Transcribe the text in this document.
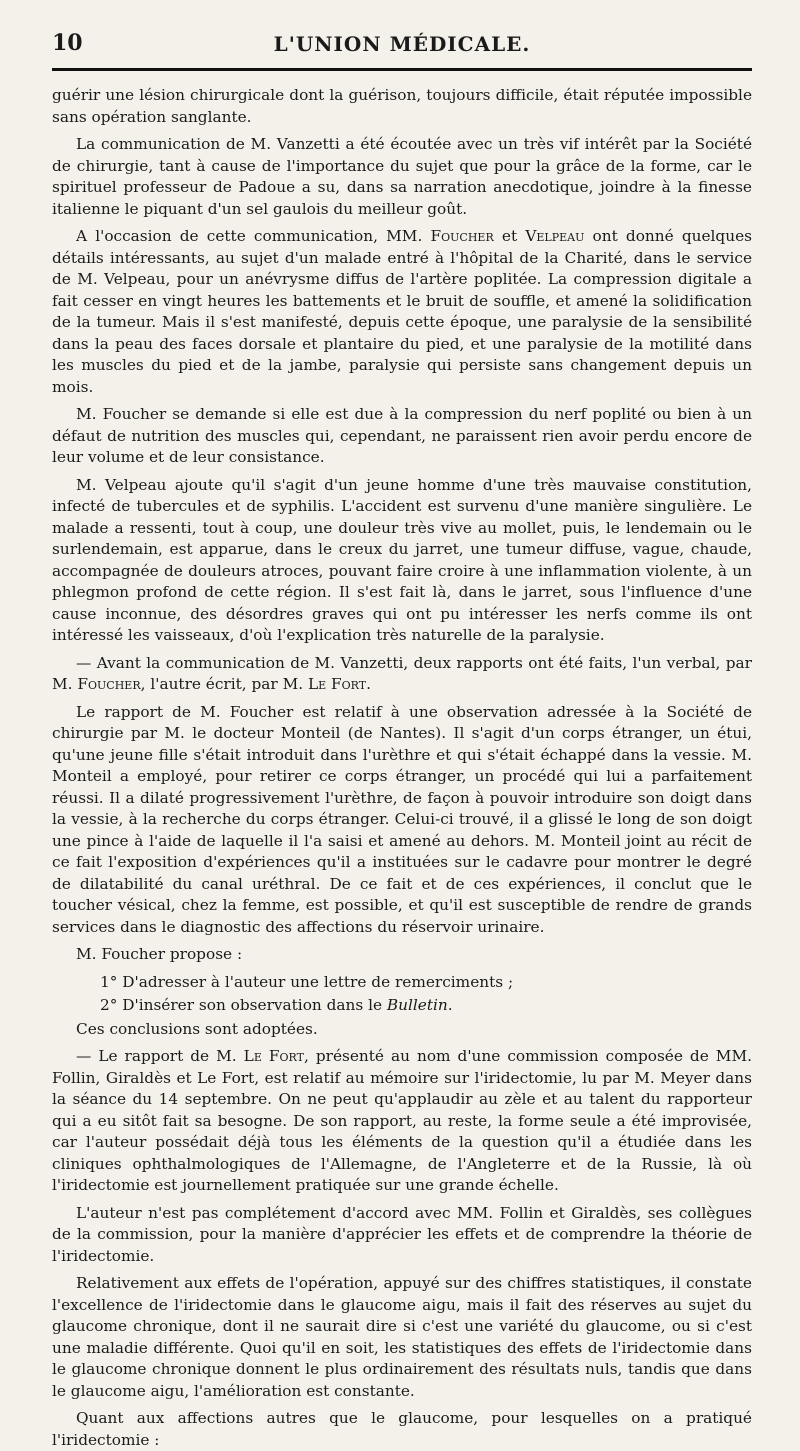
10	L'UNION MÉDICALE.

guérir une lésion chirurgicale dont la guérison, toujours difficile, était réputée impossible sans opération sanglante.

La communication de M. Vanzetti a été écoutée avec un très vif intérêt par la Société de chirurgie, tant à cause de l'importance du sujet que pour la grâce de la forme, car le spirituel professeur de Padoue a su, dans sa narration anecdotique, joindre à la finesse italienne le piquant d'un sel gaulois du meilleur goût.

A l'occasion de cette communication, MM. Foucher et Velpeau ont donné quelques détails intéressants, au sujet d'un malade entré à l'hôpital de la Charité, dans le service de M. Velpeau, pour un anévrysme diffus de l'artère poplitée. La compression digitale a fait cesser en vingt heures les battements et le bruit de souffle, et amené la solidification de la tumeur. Mais il s'est manifesté, depuis cette époque, une paralysie de la sensibilité dans la peau des faces dorsale et plantaire du pied, et une paralysie de la motilité dans les muscles du pied et de la jambe, paralysie qui persiste sans changement depuis un mois.

M. Foucher se demande si elle est due à la compression du nerf poplité ou bien à un défaut de nutrition des muscles qui, cependant, ne paraissent rien avoir perdu encore de leur volume et de leur consistance.

M. Velpeau ajoute qu'il s'agit d'un jeune homme d'une très mauvaise constitution, infecté de tubercules et de syphilis. L'accident est survenu d'une manière singulière. Le malade a ressenti, tout à coup, une douleur très vive au mollet, puis, le lendemain ou le surlendemain, est apparue, dans le creux du jarret, une tumeur diffuse, vague, chaude, accompagnée de douleurs atroces, pouvant faire croire à une inflammation violente, à un phlegmon profond de cette région. Il s'est fait là, dans le jarret, sous l'influence d'une cause inconnue, des désordres graves qui ont pu intéresser les nerfs comme ils ont intéressé les vaisseaux, d'où l'explication très naturelle de la paralysie.

— Avant la communication de M. Vanzetti, deux rapports ont été faits, l'un verbal, par M. Foucher, l'autre écrit, par M. Le Fort.

Le rapport de M. Foucher est relatif à une observation adressée à la Société de chirurgie par M. le docteur Monteil (de Nantes). Il s'agit d'un corps étranger, un étui, qu'une jeune fille s'était introduit dans l'urèthre et qui s'était échappé dans la vessie. M. Monteil a employé, pour retirer ce corps étranger, un procédé qui lui a parfaitement réussi. Il a dilaté progressivement l'urèthre, de façon à pouvoir introduire son doigt dans la vessie, à la recherche du corps étranger. Celui-ci trouvé, il a glissé le long de son doigt une pince à l'aide de laquelle il l'a saisi et amené au dehors. M. Monteil joint au récit de ce fait l'exposition d'expériences qu'il a instituées sur le cadavre pour montrer le degré de dilatabilité du canal uréthral. De ce fait et de ces expériences, il conclut que le toucher vésical, chez la femme, est possible, et qu'il est susceptible de rendre de grands services dans le diagnostic des affections du réservoir urinaire.

M. Foucher propose :

1° D'adresser à l'auteur une lettre de remerciments ;

2° D'insérer son observation dans le Bulletin.

Ces conclusions sont adoptées.

— Le rapport de M. Le Fort, présenté au nom d'une commission composée de MM. Follin, Giraldès et Le Fort, est relatif au mémoire sur l'iridectomie, lu par M. Meyer dans la séance du 14 septembre. On ne peut qu'applaudir au zèle et au talent du rapporteur qui a eu sitôt fait sa besogne. De son rapport, au reste, la forme seule a été improvisée, car l'auteur possédait déjà tous les éléments de la question qu'il a étudiée dans les cliniques ophthalmologiques de l'Allemagne, de l'Angleterre et de la Russie, là où l'iridectomie est journellement pratiquée sur une grande échelle.

L'auteur n'est pas complétement d'accord avec MM. Follin et Giraldès, ses collègues de la commission, pour la manière d'apprécier les effets et de comprendre la théorie de l'iridectomie.

Relativement aux effets de l'opération, appuyé sur des chiffres statistiques, il constate l'excellence de l'iridectomie dans le glaucome aigu, mais il fait des réserves au sujet du glaucome chronique, dont il ne saurait dire si c'est une variété du glaucome, ou si c'est une maladie différente. Quoi qu'il en soit, les statistiques des effets de l'iridectomie dans le glaucome chronique donnent le plus ordinairement des résultats nuls, tandis que dans le glaucome aigu, l'amélioration est constante.

Quant aux affections autres que le glaucome, pour lesquelles on a pratiqué l'iridectomie :
